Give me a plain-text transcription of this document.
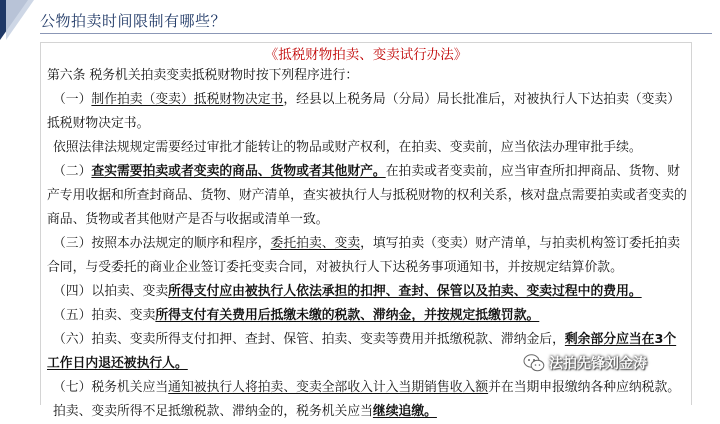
公物拍卖时间限制有哪些？
《抵税财物拍卖、变卖试行办法》
第六条 税务机关拍卖变卖抵税财物时按下列程序进行：
（一）制作拍卖（变卖）抵税财物决定书，经县以上税务局（分局）局长批准后，对被执行人下达拍卖（变卖）
抵税财物决定书。
依照法律法规规定需要经过审批才能转让的物品或财产权利，在拍卖、变卖前，应当依法办理审批手续。
（二）查实需要拍卖或者变卖的商品、货物或者其他财产。在拍卖或者变卖前，应当审查所扣押商品、货物、财
产专用收据和所查封商品、货物、财产清单，查实被执行人与抵税财物的权利关系，核对盘点需要拍卖或者变卖的
商品、货物或者其他财产是否与收据或清单一致。
（三）按照本办法规定的顺序和程序，委托拍卖、变卖，填写拍卖（变卖）财产清单，与拍卖机构签订委托拍卖
合同，与受委托的商业企业签订委托变卖合同，对被执行人下达税务事项通知书，并按规定结算价款。
（四）以拍卖、变卖所得支付应由被执行人依法承担的扣押、查封、保管以及拍卖、变卖过程中的费用。
（五）拍卖、变卖所得支付有关费用后抵缴未缴的税款、滞纳金，并按规定抵缴罚款。
（六）拍卖、变卖所得支付扣押、查封、保管、拍卖、变卖等费用并抵缴税款、滞纳金后，剩余部分应当在3个
工作日内退还被执行人。
（七）税务机关应当通知被执行人将拍卖、变卖全部收入计入当期销售收入额并在当期申报缴纳各种应纳税款。
拍卖、变卖所得不足抵缴税款、滞纳金的，税务机关应当继续追缴。
法拍先锋刘金涛
